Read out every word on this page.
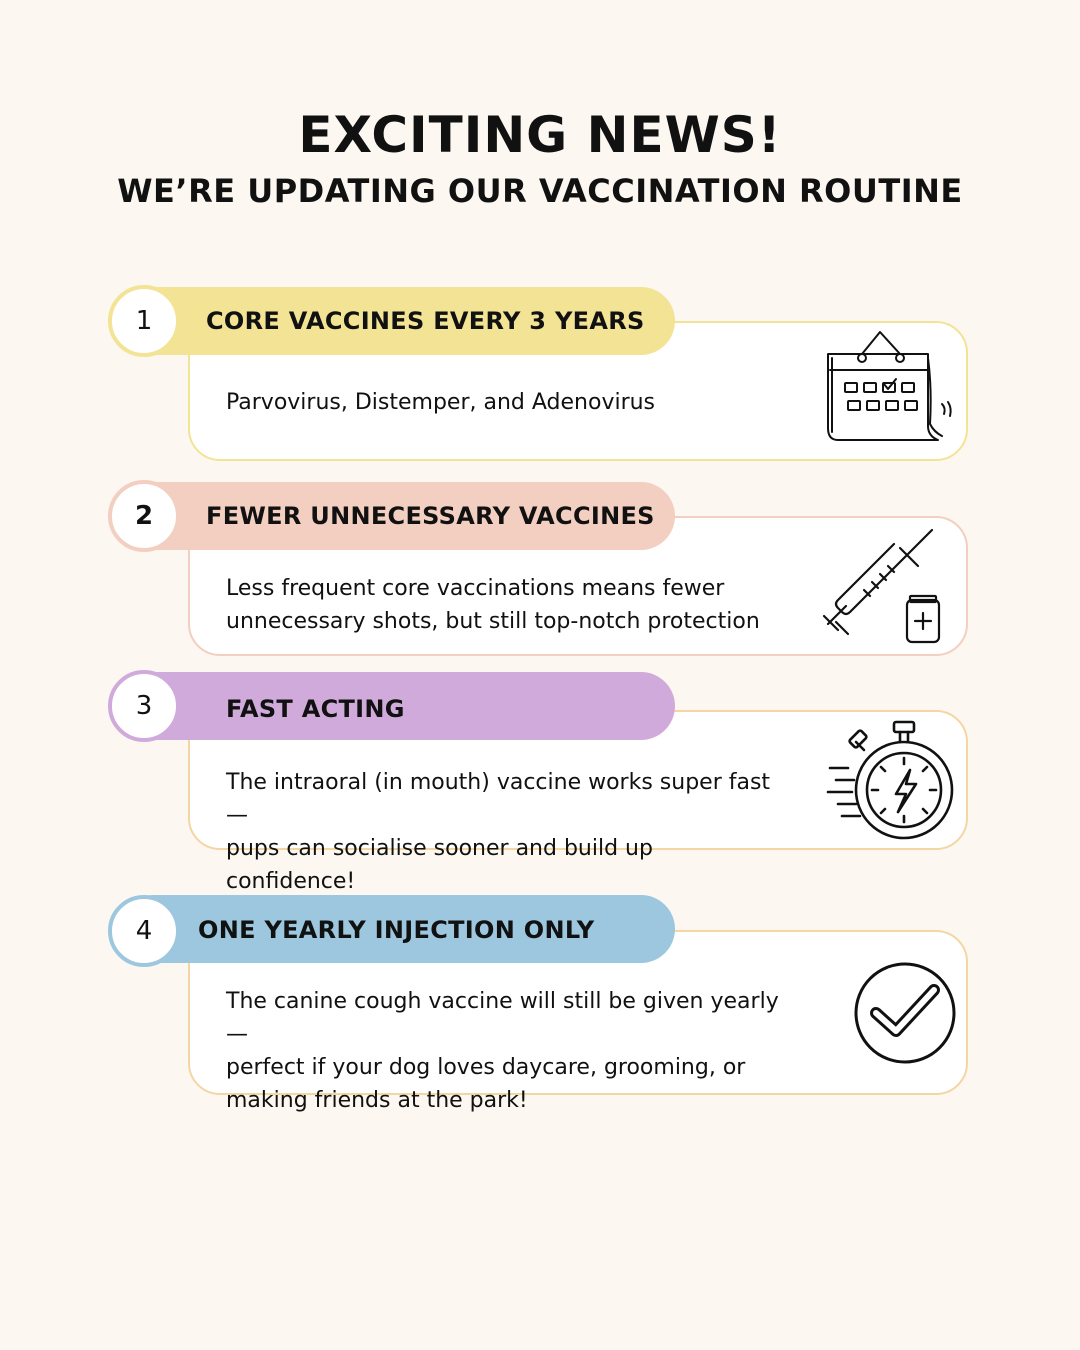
EXCITING NEWS!
WE’RE UPDATING OUR VACCINATION ROUTINE
CORE VACCINES EVERY 3 YEARS
1

Parvovirus, Distemper, and Adenovirus

FEWER UNNECESSARY VACCINES
2

Less frequent core vaccinations means fewer
unnecessary shots, but still top-notch protection

FAST ACTING
3

The intraoral (in mouth) vaccine works super fast—
pups can socialise sooner and build up confidence!

ONE YEARLY INJECTION ONLY
4

The canine cough vaccine will still be given yearly—
perfect if your dog loves daycare, grooming, or
making friends at the park!
